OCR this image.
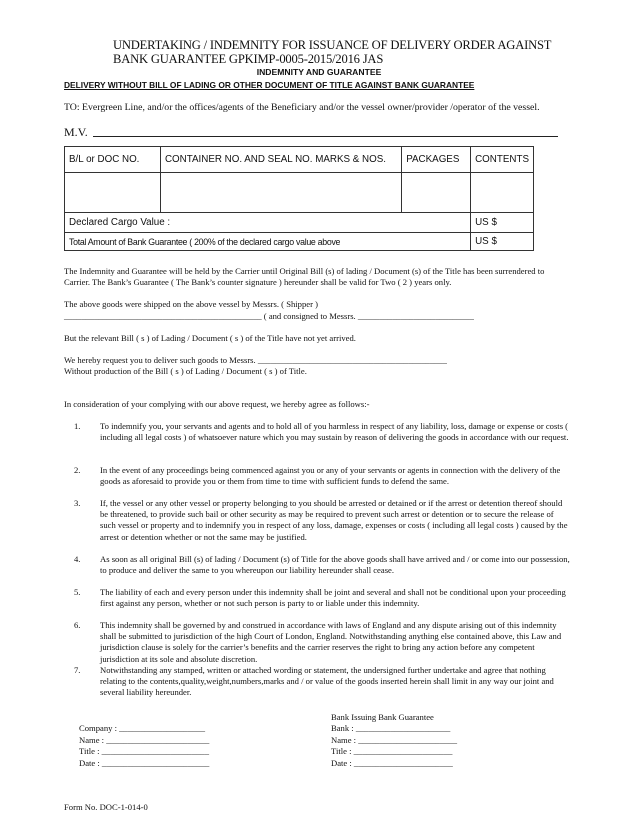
UNDERTAKING / INDEMNITY FOR ISSUANCE OF DELIVERY ORDER AGAINST BANK GUARANTEE GPKIMP-0005-2015/2016 JAS
INDEMNITY AND GUARANTEE
DELIVERY WITHOUT BILL OF LADING OR OTHER DOCUMENT OF TITLE AGAINST BANK GUARANTEE
TO: Evergreen Line, and/or the offices/agents of the Beneficiary and/or the vessel owner/provider /operator of the vessel.
M.V.
B/L or DOC NO.	CONTAINER NO. AND SEAL NO. MARKS & NOS.	PACKAGES	CONTENTS

Declared Cargo Value :			US $
Total Amount of Bank Guarantee ( 200% of the declared cargo value above			US $
The Indemnity and Guarantee will be held by the Carrier until Original Bill (s) of lading / Document (s) of the Title has been surrendered to Carrier. The Bank’s Guarantee ( The Bank’s counter signature ) hereunder shall be valid for Two ( 2 ) years only.
The above goods were shipped on the above vessel by Messrs. ( Shipper )
______________________________________________ ( and consigned to Messrs. ___________________________
But the relevant Bill ( s ) of Lading / Document ( s ) of the Title have not yet arrived.
We hereby request you to deliver such goods to Messrs. ____________________________________________
Without production of the Bill ( s ) of Lading / Document ( s ) of Title.
In consideration of your complying with our above request, we hereby agree as follows:-
1. To indemnify you, your servants and agents and to hold all of you harmless in respect of any liability, loss, damage or expense or costs ( including all legal costs ) of whatsoever nature which you may sustain by reason of delivering the goods in accordance with our request.
2. In the event of any proceedings being commenced against you or any of your servants or agents in connection with the delivery of the goods as aforesaid to provide you or them from time to time with sufficient funds to defend the same.
3. If, the vessel or any other vessel or property belonging to you should be arrested or detained or if the arrest or detention thereof should be threatened, to provide such bail or other security as may be required to prevent such arrest or detention or to secure the release of such vessel or property and to indemnify you in respect of any loss, damage, expenses or costs ( including all legal costs ) caused by the arrest or detention whether or not the same may be justified.
4. As soon as all original Bill (s) of lading / Document (s) of Title for the above goods shall have arrived and / or come into our possession, to produce and deliver the same to you whereupon our liability hereunder shall cease.
5. The liability of each and every person under this indemnity shall be joint and several and shall not be conditional upon your proceeding first against any person, whether or not such person is party to or liable under this indemnity.
6. This indemnity shall be governed by and construed in accordance with laws of England and any dispute arising out of this indemnity shall be submitted to jurisdiction of the high Court of London, England. Notwithstanding anything else contained above, this Law and jurisdiction clause is solely for the carrier’s benefits and the carrier reserves the right to bring any action before any competent jurisdiction at its sole and absolute discretion.
7. Notwithstanding any stamped, written or attached wording or statement, the undersigned further undertake and agree that nothing relating to the contents,quality,weight,numbers,marks and / or value of the goods inserted herein shall limit in any way our joint and several liability hereunder.
Bank Issuing Bank Guarantee
Company : ____________________
Name : ________________________
Title : _________________________
Date : _________________________
Bank : ______________________
Name : _______________________
Title : _______________________
Date : _______________________
Form No. DOC-1-014-0
